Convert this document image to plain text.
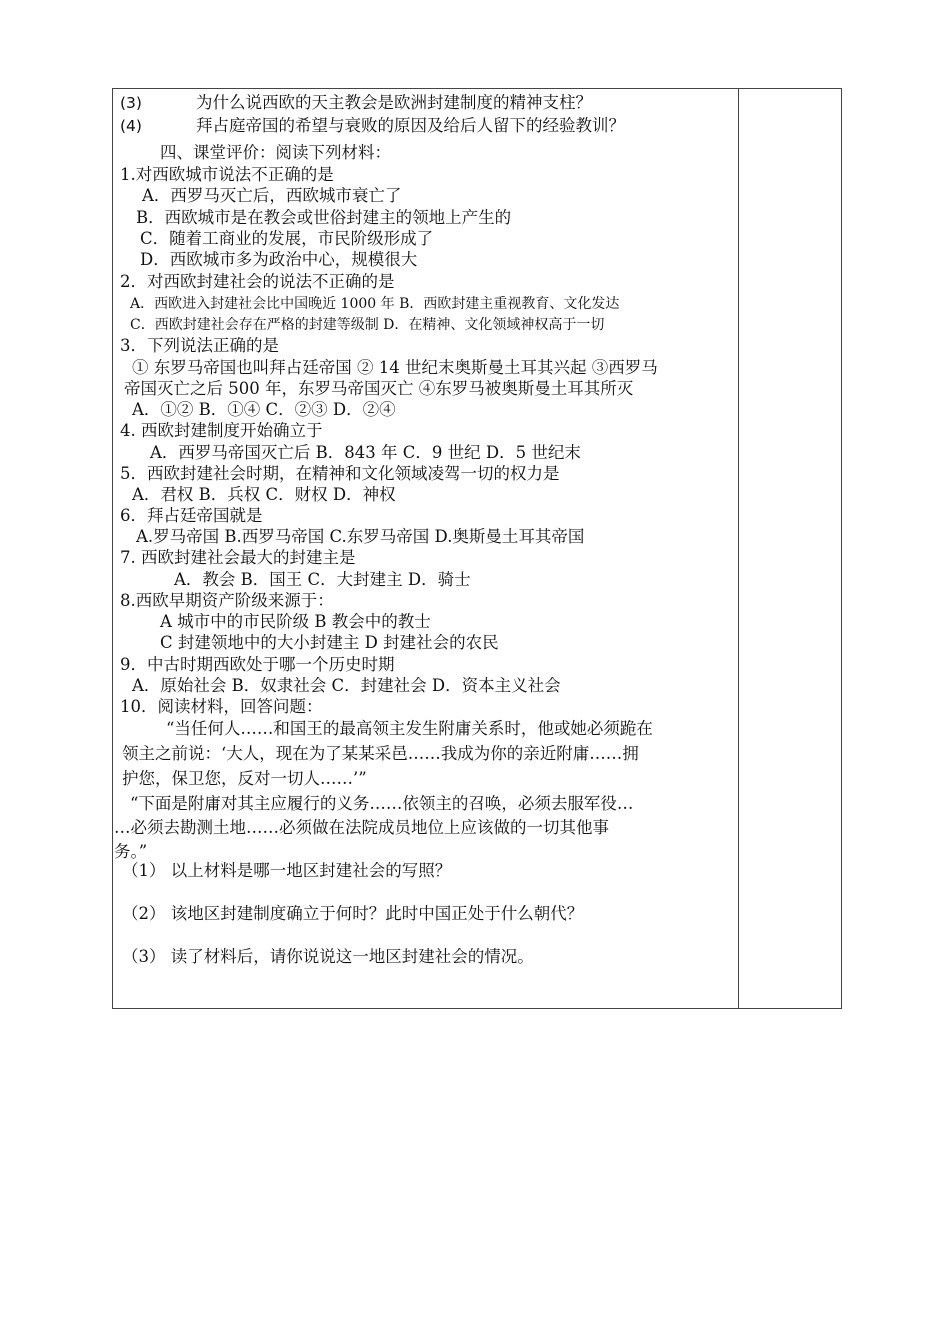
(3)	为什么说西欧的天主教会是欧洲封建制度的精神支柱？
(4)	拜占庭帝国的希望与衰败的原因及给后人留下的经验教训？
四、课堂评价：阅读下列材料：
1.对西欧城市说法不正确的是
A．西罗马灭亡后，西欧城市衰亡了
B．西欧城市是在教会或世俗封建主的领地上产生的
C．随着工商业的发展，市民阶级形成了
D．西欧城市多为政治中心，规模很大
2．对西欧封建社会的说法不正确的是
A．西欧进入封建社会比中国晚近 1000 年 B．西欧封建主重视教育、文化发达
C．西欧封建社会存在严格的封建等级制 D．在精神、文化领域神权高于一切
3．下列说法正确的是
① 东罗马帝国也叫拜占廷帝国 ② 14 世纪末奥斯曼土耳其兴起 ③西罗马
帝国灭亡之后 500 年，东罗马帝国灭亡 ④东罗马被奥斯曼土耳其所灭
A．①② B．①④ C．②③ D．②④
4. 西欧封建制度开始确立于
A．西罗马帝国灭亡后 B．843 年 C．9 世纪 D．5 世纪末
5．西欧封建社会时期，在精神和文化领域凌驾一切的权力是
A．君权 B．兵权 C．财权 D．神权
6．拜占廷帝国就是
A.罗马帝国 B.西罗马帝国 C.东罗马帝国 D.奥斯曼土耳其帝国
7. 西欧封建社会最大的封建主是
A．教会 B．国王 C．大封建主 D．骑士
8.西欧早期资产阶级来源于：
A 城市中的市民阶级 B 教会中的教士
C 封建领地中的大小封建主 D 封建社会的农民
9．中古时期西欧处于哪一个历史时期
A．原始社会 B．奴隶社会 C．封建社会 D．资本主义社会
10．阅读材料，回答问题：
“当任何人……和国王的最高领主发生附庸关系时，他或她必须跪在
领主之前说：‘大人，现在为了某某采邑……我成为你的亲近附庸……拥
护您，保卫您，反对一切人……’”
“下面是附庸对其主应履行的义务……依领主的召唤，必须去服军役…
…必须去勘测土地……必须做在法院成员地位上应该做的一切其他事
务。”
（1） 以上材料是哪一地区封建社会的写照？
（2） 该地区封建制度确立于何时？此时中国正处于什么朝代？
（3） 读了材料后，请你说说这一地区封建社会的情况。
